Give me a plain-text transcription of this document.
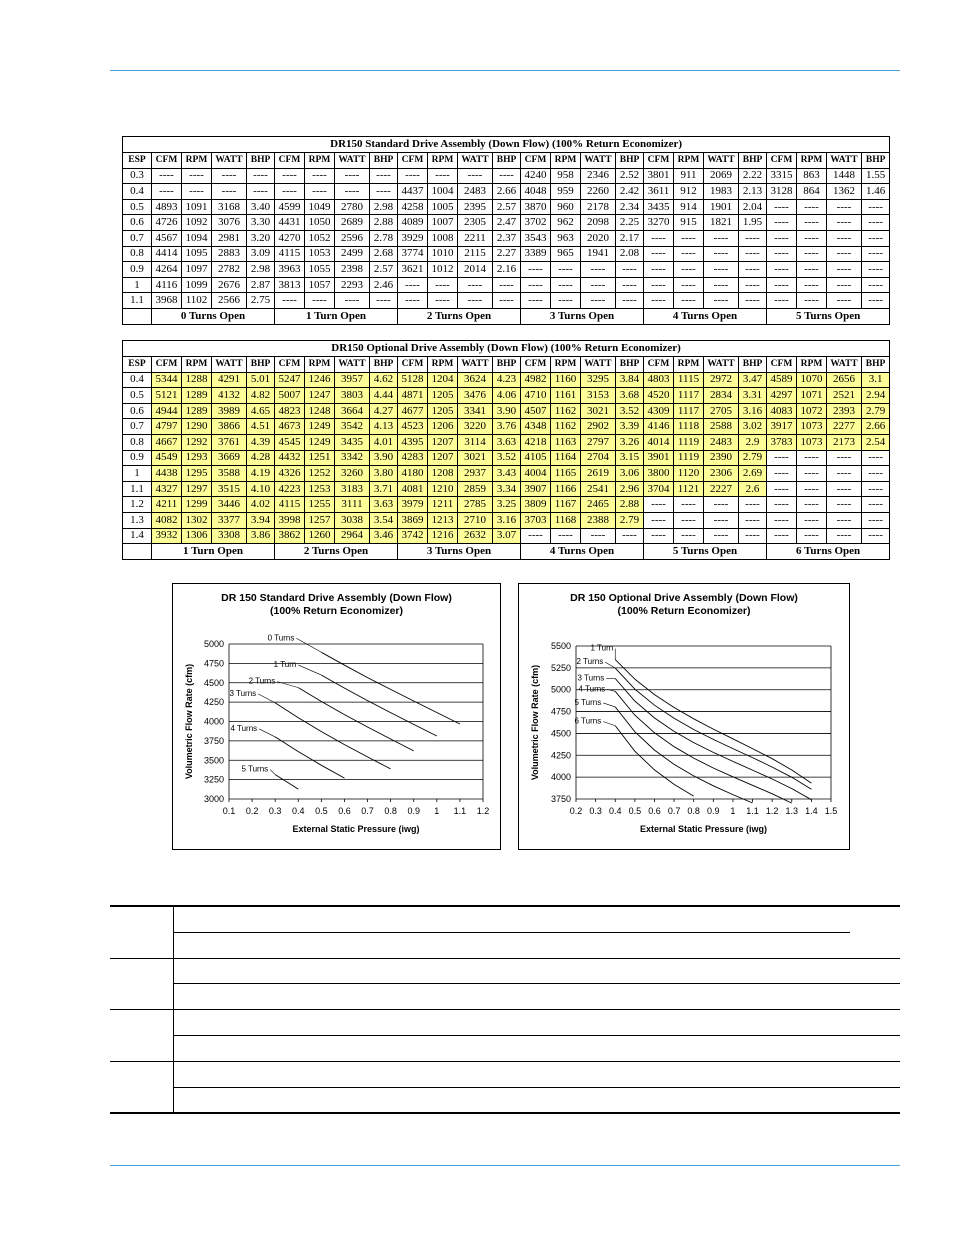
DR150 Standard Drive Assembly (Down Flow) (100% Return Economizer)																								
ESP	CFM	RPM	WATT	BHP	CFM	RPM	WATT	BHP	CFM	RPM	WATT	BHP	CFM	RPM	WATT	BHP	CFM	RPM	WATT	BHP	CFM	RPM	WATT	BHP
0.3	----	----	----	----	----	----	----	----	----	----	----	----	4240	958	2346	2.52	3801	911	2069	2.22	3315	863	1448	1.55
0.4	----	----	----	----	----	----	----	----	4437	1004	2483	2.66	4048	959	2260	2.42	3611	912	1983	2.13	3128	864	1362	1.46
0.5	4893	1091	3168	3.40	4599	1049	2780	2.98	4258	1005	2395	2.57	3870	960	2178	2.34	3435	914	1901	2.04	----	----	----	----
0.6	4726	1092	3076	3.30	4431	1050	2689	2.88	4089	1007	2305	2.47	3702	962	2098	2.25	3270	915	1821	1.95	----	----	----	----
0.7	4567	1094	2981	3.20	4270	1052	2596	2.78	3929	1008	2211	2.37	3543	963	2020	2.17	----	----	----	----	----	----	----	----
0.8	4414	1095	2883	3.09	4115	1053	2499	2.68	3774	1010	2115	2.27	3389	965	1941	2.08	----	----	----	----	----	----	----	----
0.9	4264	1097	2782	2.98	3963	1055	2398	2.57	3621	1012	2014	2.16	----	----	----	----	----	----	----	----	----	----	----	----
1	4116	1099	2676	2.87	3813	1057	2293	2.46	----	----	----	----	----	----	----	----	----	----	----	----	----	----	----	----
1.1	3968	1102	2566	2.75	----	----	----	----	----	----	----	----	----	----	----	----	----	----	----	----	----	----	----	----
	0 Turns Open				1 Turn Open				2 Turns Open				3 Turns Open				4 Turns Open				5 Turns Open			
DR150 Optional Drive Assembly (Down Flow) (100% Return Economizer)																								
ESP	CFM	RPM	WATT	BHP	CFM	RPM	WATT	BHP	CFM	RPM	WATT	BHP	CFM	RPM	WATT	BHP	CFM	RPM	WATT	BHP	CFM	RPM	WATT	BHP
0.4	5344	1288	4291	5.01	5247	1246	3957	4.62	5128	1204	3624	4.23	4982	1160	3295	3.84	4803	1115	2972	3.47	4589	1070	2656	3.1
0.5	5121	1289	4132	4.82	5007	1247	3803	4.44	4871	1205	3476	4.06	4710	1161	3153	3.68	4520	1117	2834	3.31	4297	1071	2521	2.94
0.6	4944	1289	3989	4.65	4823	1248	3664	4.27	4677	1205	3341	3.90	4507	1162	3021	3.52	4309	1117	2705	3.16	4083	1072	2393	2.79
0.7	4797	1290	3866	4.51	4673	1249	3542	4.13	4523	1206	3220	3.76	4348	1162	2902	3.39	4146	1118	2588	3.02	3917	1073	2277	2.66
0.8	4667	1292	3761	4.39	4545	1249	3435	4.01	4395	1207	3114	3.63	4218	1163	2797	3.26	4014	1119	2483	2.9	3783	1073	2173	2.54
0.9	4549	1293	3669	4.28	4432	1251	3342	3.90	4283	1207	3021	3.52	4105	1164	2704	3.15	3901	1119	2390	2.79	----	----	----	----
1	4438	1295	3588	4.19	4326	1252	3260	3.80	4180	1208	2937	3.43	4004	1165	2619	3.06	3800	1120	2306	2.69	----	----	----	----
1.1	4327	1297	3515	4.10	4223	1253	3183	3.71	4081	1210	2859	3.34	3907	1166	2541	2.96	3704	1121	2227	2.6	----	----	----	----
1.2	4211	1299	3446	4.02	4115	1255	3111	3.63	3979	1211	2785	3.25	3809	1167	2465	2.88	----	----	----	----	----	----	----	----
1.3	4082	1302	3377	3.94	3998	1257	3038	3.54	3869	1213	2710	3.16	3703	1168	2388	2.79	----	----	----	----	----	----	----	----
1.4	3932	1306	3308	3.86	3862	1260	2964	3.46	3742	1216	2632	3.07	----	----	----	----	----	----	----	----	----	----	----	----
	1 Turn Open				2 Turns Open				3 Turns Open				4 Turns Open				5 Turns Open				6 Turns Open			
DR 150 Standard Drive Assembly (Down Flow)
(100% Return Economizer)
3000
3250
3500
3750
4000
4250
4500
4750
5000
0.1 0.2 0.3 0.4 0.5 0.6 0.7 0.8 0.9 1 1.1 1.2
External Static Pressure (iwg)
Volumetric Flow Rate (cfm)
0 Turns
1 Turn
2 Turns
3 Turns
4 Turns
5 Turns
DR 150 Optional Drive Assembly (Down Flow)
(100% Return Economizer)
3750
4000
4250
4500
4750
5000
5250
5500
0.2 0.3 0.4 0.5 0.6 0.7 0.8 0.9 1 1.1 1.2 1.3 1.4 1.5
External Static Pressure (iwg)
Volumetric Flow Rate (cfm)
1 Turn
2 Turns
3 Turns
4 Turns
5 Turns
6 Turns
